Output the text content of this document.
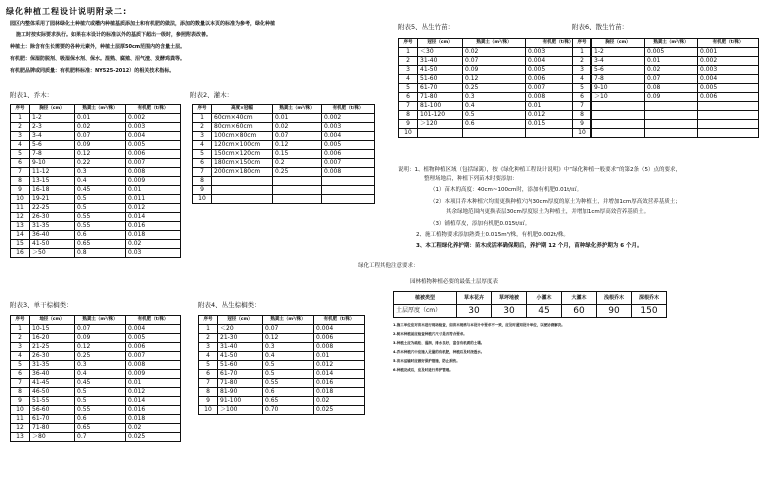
绿化种植工程设计说明附录二:
园区内整体采用了园林绿化土种植穴或槽内种植基质添加土和有机肥的做法，添加的数量以本页的标准为参考，绿化种植
施工时按实际要求执行。如果在本设计的标准以外的基质下超出一级时，参照附表改善。
种植土：除含有生长需要的各种元素外，种植土层厚50cm范围内的含量土层。
有机肥：保湿防脱剂、吸湿保水剂、保水。混熟、腐殖、沼气渣、发酵鸡粪等。
有机肥品牌或同质量：有机肥料标准：NY525-2012）的相关技术指标。
附表1、乔木：
序号	胸径（cm）	熟粪土（m³/株）	有机肥（t/株）
1	1-2	0.01	0.002
2	2-3	0.02	0.003
3	3-4	0.07	0.004
4	5-6	0.09	0.005
5	7-8	0.12	0.006
6	9-10	0.22	0.007
7	11-12	0.3	0.008
8	13-15	0.4	0.009
9	16-18	0.45	0.01
10	19-21	0.5	0.011
11	22-25	0.5	0.012
12	26-30	0.55	0.014
13	31-35	0.55	0.016
14	36-40	0.6	0.018
15	41-50	0.65	0.02
16	＞50	0.8	0.03
附表2、灌木：
序号	高度×冠幅	熟粪土（m³/株）	有机肥（t/株）
1	60cm×40cm	0.01	0.002
2	80cm×60cm	0.02	0.003
3	100cm×80cm	0.07	0.004
4	120cm×100cm	0.12	0.005
5	150cm×120cm	0.15	0.006
6	180cm×150cm	0.2	0.007
7	200cm×180cm	0.25	0.008
8			
9			
10			
附表3、单干棕榈类：
序号	地径（cm）	熟粪土（m³/株）	有机肥（t/株）
1	10-15	0.07	0.004
2	16-20	0.09	0.005
3	21-25	0.12	0.006
4	26-30	0.25	0.007
5	31-35	0.3	0.008
6	36-40	0.4	0.009
7	41-45	0.45	0.01
8	46-50	0.5	0.012
9	51-55	0.5	0.014
10	56-60	0.55	0.016
11	61-70	0.6	0.018
12	71-80	0.65	0.02
13	＞80	0.7	0.025
附表4、丛生棕榈类：
序号	冠径（cm）	熟粪土（m³/株）	有机肥（t/株）
1	＜20	0.07	0.004
2	21-30	0.12	0.006
3	31-40	0.3	0.008
4	41-50	0.4	0.01
5	51-60	0.5	0.012
6	61-70	0.5	0.014
7	71-80	0.55	0.016
8	81-90	0.6	0.018
9	91-100	0.65	0.02
10	＞100	0.70	0.025
附表5、丛生竹苗：
序号	冠径（cm）	熟粪土（m³/株）	有机肥（t/株）
1	＜30	0.02	0.003
2	31-40	0.07	0.004
3	41-50	0.09	0.005
4	51-60	0.12	0.006
5	61-70	0.25	0.007
6	71-80	0.3	0.008
7	81-100	0.4	0.01
8	101-120	0.5	0.012
9	＞120	0.6	0.015
10			
附表6、散生竹苗：
序号	胸径（cm）	熟粪土（m³/株）	有机肥（t/株）
1	1-2	0.005	0.001
2	3-4	0.01	0.002
3	5-6	0.02	0.003
4	7-8	0.07	0.004
5	9-10	0.08	0.005
6	＞10	0.09	0.006
7			
8			
9			
10			
说明：1、植物种植区域（包括绿篱），按《绿化种植工程设计说明》中“绿化种植一般要求”的第2条（5）点的要求，
整理场地后，种植下列苗木时要添加：
（1）苗木的高度：40cm~100cm时，添加有机肥0.01t/㎡。
（2）本项目乔木种植穴均需更换种植穴内30cm厚度的原土为种植土，并增加1cm厚高效营养基质土；
其余绿地范围内更换表层30cm厚度原土为种植土，并增加1cm厚高效营养基质土。
（3）铺植草皮，添加有机肥0.015t/㎡。
2、施工植物要求添加熟粪土0.015m³/株，有机肥0.002t/株。
3、本工程绿化养护期：苗木成活率确保期后，养护期 12 个月，苗种绿化养护期为 6 个月。
绿化工程其他注意要求：
园林植物种植必要的最低土层厚度表
植被类型	草本花卉	草坪地被	小灌木	大灌木	浅根乔木	深根乔木
土层厚度（cm）	30	30	45	60	90	150
1.施工单位应对苗木进行现场检查，如苗木规格与本设计中要求不一致，应及时通知设计单位，以便协商解决。
2.树木种植前应检查种植穴尺寸是否符合要求。
3.种植土应为疏松、湿润，排水良好，富含有机质的土壤。
4.乔木种植穴中应施入足量的有机肥，种植后及时浇透水。
5.苗木运输时应做好保护措施，防止损伤。
6.种植完成后，应及时进行养护管理。
